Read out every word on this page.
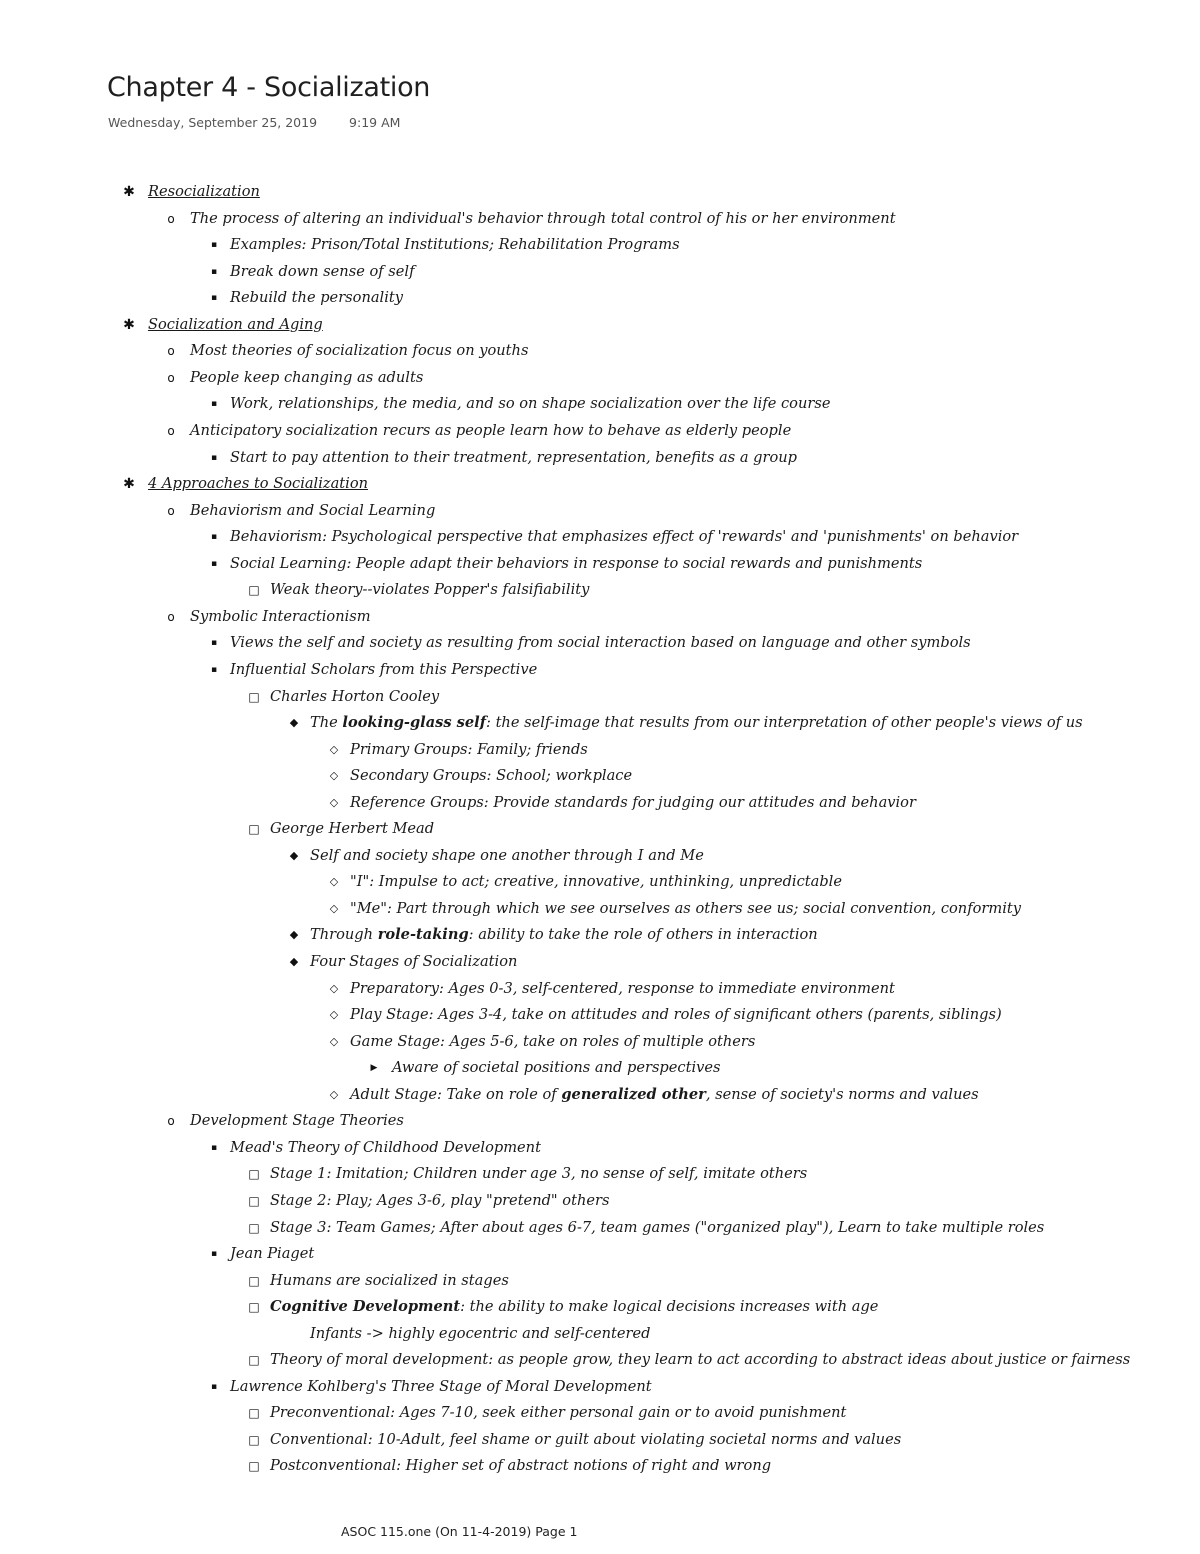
Chapter 4 - Socialization
Wednesday, September 25, 2019	9:19 AM
✱ Resocialization
o	The process of altering an individual's behavior through total control of his or her environment
▪ Examples: Prison/Total Institutions; Rehabilitation Programs
▪ Break down sense of self
▪ Rebuild the personality
✱ Socialization and Aging
o	Most theories of socialization focus on youths
o	People keep changing as adults
▪ Work, relationships, the media, and so on shape socialization over the life course
o	Anticipatory socialization recurs as people learn how to behave as elderly people
▪ Start to pay attention to their treatment, representation, benefits as a group
✱ 4 Approaches to Socialization
o	Behaviorism and Social Learning
▪ Behaviorism: Psychological perspective that emphasizes effect of 'rewards' and 'punishments' on behavior
▪ Social Learning: People adapt their behaviors in response to social rewards and punishments
□ Weak theory--violates Popper's falsifiability
o	Symbolic Interactionism
▪ Views the self and society as resulting from social interaction based on language and other symbols
▪ Influential Scholars from this Perspective
□ Charles Horton Cooley
◆ The looking-glass self: the self-image that results from our interpretation of other people's views of us
◇ Primary Groups: Family; friends
◇ Secondary Groups: School; workplace
◇ Reference Groups: Provide standards for judging our attitudes and behavior
□ George Herbert Mead
◆ Self and society shape one another through I and Me
◇ "I": Impulse to act; creative, innovative, unthinking, unpredictable
◇ "Me": Part through which we see ourselves as others see us; social convention, conformity
◆ Through role-taking: ability to take the role of others in interaction
◆ Four Stages of Socialization
◇ Preparatory: Ages 0-3, self-centered, response to immediate environment
◇ Play Stage: Ages 3-4, take on attitudes and roles of significant others (parents, siblings)
◇ Game Stage: Ages 5-6, take on roles of multiple others
▶ Aware of societal positions and perspectives
◇ Adult Stage: Take on role of generalized other, sense of society's norms and values
o	Development Stage Theories
▪ Mead's Theory of Childhood Development
□ Stage 1: Imitation; Children under age 3, no sense of self, imitate others
□ Stage 2: Play; Ages 3-6, play "pretend" others
□ Stage 3: Team Games; After about ages 6-7, team games ("organized play"), Learn to take multiple roles
▪ Jean Piaget
□ Humans are socialized in stages
□ Cognitive Development: the ability to make logical decisions increases with age
Infants -> highly egocentric and self-centered
□ Theory of moral development: as people grow, they learn to act according to abstract ideas about justice or fairness
▪ Lawrence Kohlberg's Three Stage of Moral Development
□ Preconventional: Ages 7-10, seek either personal gain or to avoid punishment
□ Conventional: 10-Adult, feel shame or guilt about violating societal norms and values
□ Postconventional: Higher set of abstract notions of right and wrong
ASOC 115.one (On 11-4-2019) Page 1
